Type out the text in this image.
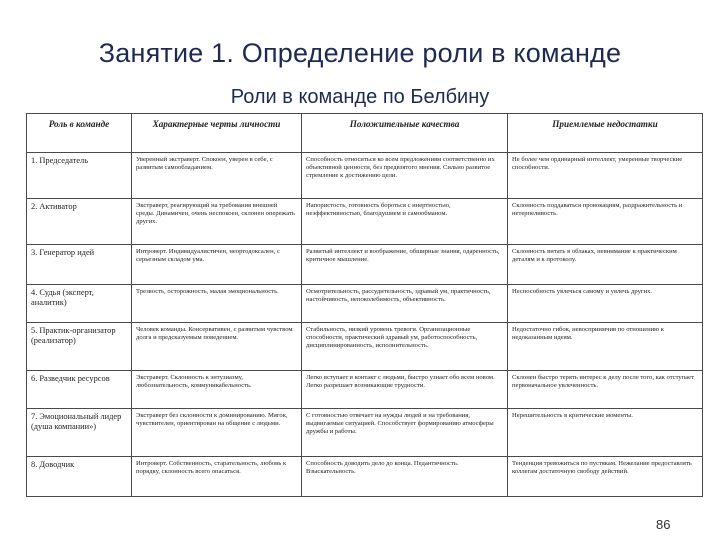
Занятие 1. Определение роли в команде
Роли в команде по Белбину
Роль в команде	Характерные черты личности	Положительные качества	Приемлемые недостатки
1. Председатель	Уверенный экстраверт. Спокоен, уверен в себе, с развитым самообладанием.	Способность относиться ко всем предложениям соответственно их объективной ценности, без предвзятого мнения. Сильно развитое стремление к достижению цели.	Не более чем ординарный интеллект, умеренные творческие способности.
2. Активатор	Экстраверт, реагирующий на требования внешней среды. Динамичен, очень неспокоен, склонен опережать других.	Напористость, готовность бороться с инертностью, неэффективностью, благодушием и самообманом.	Склонность поддаваться провокациям, раздражительность и нетерпеливость.
3. Генератор идей	Интроверт. Индивидуалистичен, неортодоксален, с серьезным складом ума.	Развитый интеллект и воображение, обширные знания, одаренность, критичное мышление.	Склонность витать в облаках, невнимание к практическим деталям и к протоколу.
4. Судья (эксперт, аналитик)	Трезвость, осторожность, малая эмоциональность.	Осмотрительность, рассудительность, здравый ум, практичность, настойчивость, непоколебимость, объективность.	Неспособность увлечься самому и увлечь других.
5. Практик-организатор (реализатор)	Человек команды. Консервативен, с развитым чувством долга и предсказуемым поведением.	Стабильность, низкий уровень тревоги. Организационные способности, практический здравый ум, работоспособность, дисциплинированность, исполнительность.	Недостаточно гибок, невосприимчив по отношению к недоказанным идеям.
6. Разведчик ресурсов	Экстраверт. Склонность к энтузиазму, любознательность, коммуникабельность.	Легко вступает в контакт с людьми, быстро узнает обо всем новом. Легко разрешает возникающие трудности.	Склонен быстро терять интерес к делу после того, как отступает первоначальное увлеченность.
7. Эмоциональный лидер (душа компании»)	Экстраверт без склонности к доминированию. Мягок, чувствителен, ориентирован на общение с людьми.	С готовностью отвечает на нужды людей и на требования, выдвигаемые ситуацией. Способствует формированию атмосферы дружбы и работы.	Нерешительность в критические моменты.
8. Доводчик	Интроверт. Собственность, старательность, любовь к порядку, склонность всего опасаться.	Способность доводить дело до конца. Педантичность. Взыскательность.	Тенденция тревожиться по пустякам. Нежелание предоставлять коллегам достаточную свободу действий.
86
